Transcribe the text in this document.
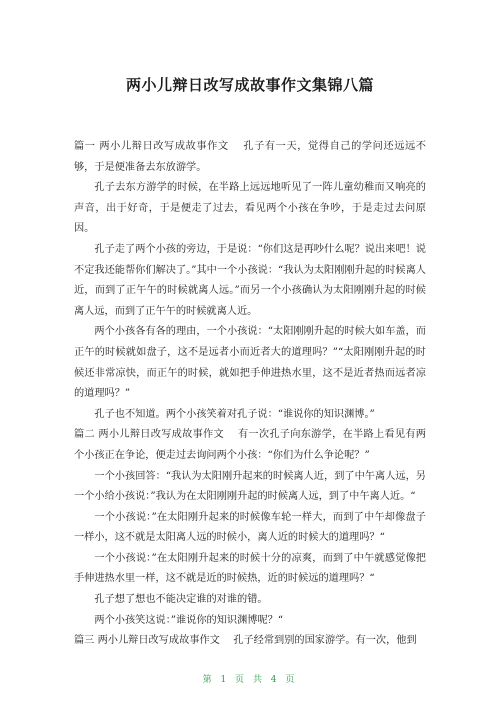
两小儿辩日改写成故事作文集锦八篇

篇一 两小儿辩日改写成故事作文　 孔子有一天，觉得自己的学问还远远不够，于是便准备去东放游学。

孔子去东方游学的时候，在半路上远远地听见了一阵儿童幼稚而又响亮的声音，出于好奇，于是便走了过去，看见两个小孩在争吵，于是走过去问原因。

孔子走了两个小孩的旁边，于是说：“你们这是再吵什么呢？说出来吧！说不定我还能帮你们解决了。”其中一个小孩说：“我认为太阳刚刚升起的时候离人近，而到了正午午的时候就离人远。”而另一个小孩确认为太阳刚刚升起的时候离人远，而到了正午午的时候就离人近。

两个小孩各有各的理由，一个小孩说：“太阳刚刚升起的时候大如车盖，而正午的时候就如盘子，这不是远者小而近者大的道理吗？”“太阳刚刚升起的时候还非常凉快，而正午的时候，就如把手伸进热水里，这不是近者热而远者凉的道理吗？”

孔子也不知道。两个小孩笑着对孔子说：“谁说你的知识渊博。”

篇二 两小儿辩日改写成故事作文　 有一次孔子向东游学，在半路上看见有两个小孩正在争论，便走过去询问两个小孩：“你们为什么争论呢？”

一个小孩回答：“我认为太阳刚升起来的时候离人近，到了中午离人远，另一个小给小孩说：”我认为在太阳刚刚升起的时候离人远，到了中午离人近。“

一个小孩说：”在太阳刚升起来的时候像车轮一样大，而到了中午却像盘子一样小，这不就是太阳离人远的时候小，离人近的时候大的道理吗？“

一个小孩说：”在太阳刚升起来的时候十分的凉爽，而到了中午就感觉像把手伸进热水里一样，这不就是近的时候热，近的时候远的道理吗？“

孔子想了想也不能决定谁的对谁的错。

两个小孩笑这说：”谁说你的知识渊博呢？“

篇三 两小儿辩日改写成故事作文　 孔子经常到别的国家游学。有一次，他到

第 1 页 共 4 页
